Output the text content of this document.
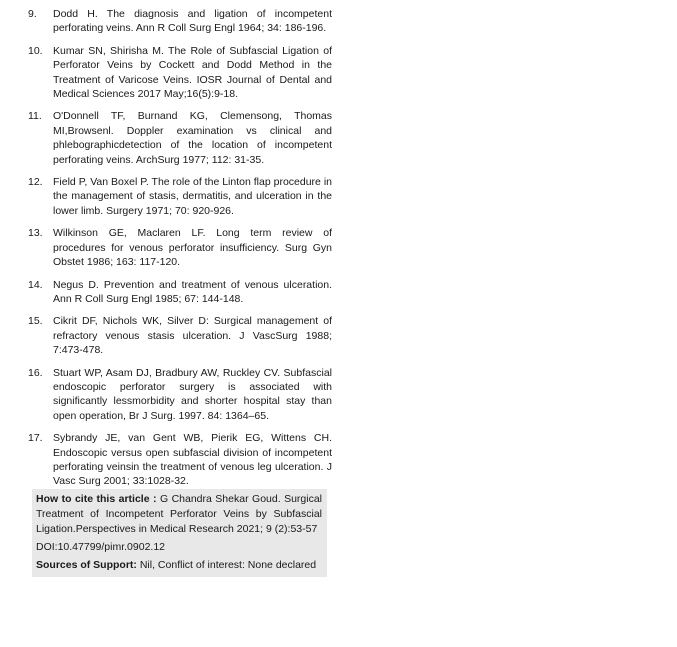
9.	Dodd H. The diagnosis and ligation of incompetent perforating veins. Ann R Coll Surg Engl 1964; 34: 186-196.
10. Kumar SN, Shirisha M. The Role of Subfascial Ligation of Perforator Veins by Cockett and Dodd Method in the Treatment of Varicose Veins. IOSR Journal of Dental and Medical Sciences 2017 May;16(5):9-18.
11.	O'Donnell TF, Burnand KG, Clemensong, Thomas MI,Browsenl. Doppler examination vs clinical and phlebographicdetection of the location of incompetent perforating veins. ArchSurg 1977; 112: 31-35.
12. Field P, Van Boxel P. The role of the Linton flap procedure in the management of stasis, dermatitis, and ulceration in the lower limb. Surgery 1971; 70: 920-926.
13. Wilkinson GE, Maclaren LF. Long term review of procedures for venous perforator insufficiency. Surg Gyn Obstet 1986; 163: 117-120.
14. Negus D. Prevention and treatment of venous ulceration. Ann R Coll Surg Engl 1985; 67: 144-148.
15. Cikrit DF, Nichols WK, Silver D: Surgical management of refractory venous stasis ulceration. J VascSurg 1988; 7:473-478.
16. Stuart WP, Asam DJ, Bradbury AW, Ruckley CV. Subfascial endoscopic perforator surgery is associated with significantly lessmorbidity and shorter hospital stay than open operation, Br J Surg. 1997. 84: 1364–65.
17. Sybrandy JE, van Gent WB, Pierik EG, Wittens CH. Endoscopic versus open subfascial division of incompetent perforating veinsin the treatment of venous leg ulceration. J Vasc Surg 2001; 33:1028-32.

How to cite this article : G Chandra Shekar Goud. Surgical Treatment of Incompetent Perforator Veins by Subfascial Ligation.Perspectives in Medical Research 2021; 9 (2):53-57

DOI:10.47799/pimr.0902.12

Sources of Support: Nil, Conflict of interest: None declared
